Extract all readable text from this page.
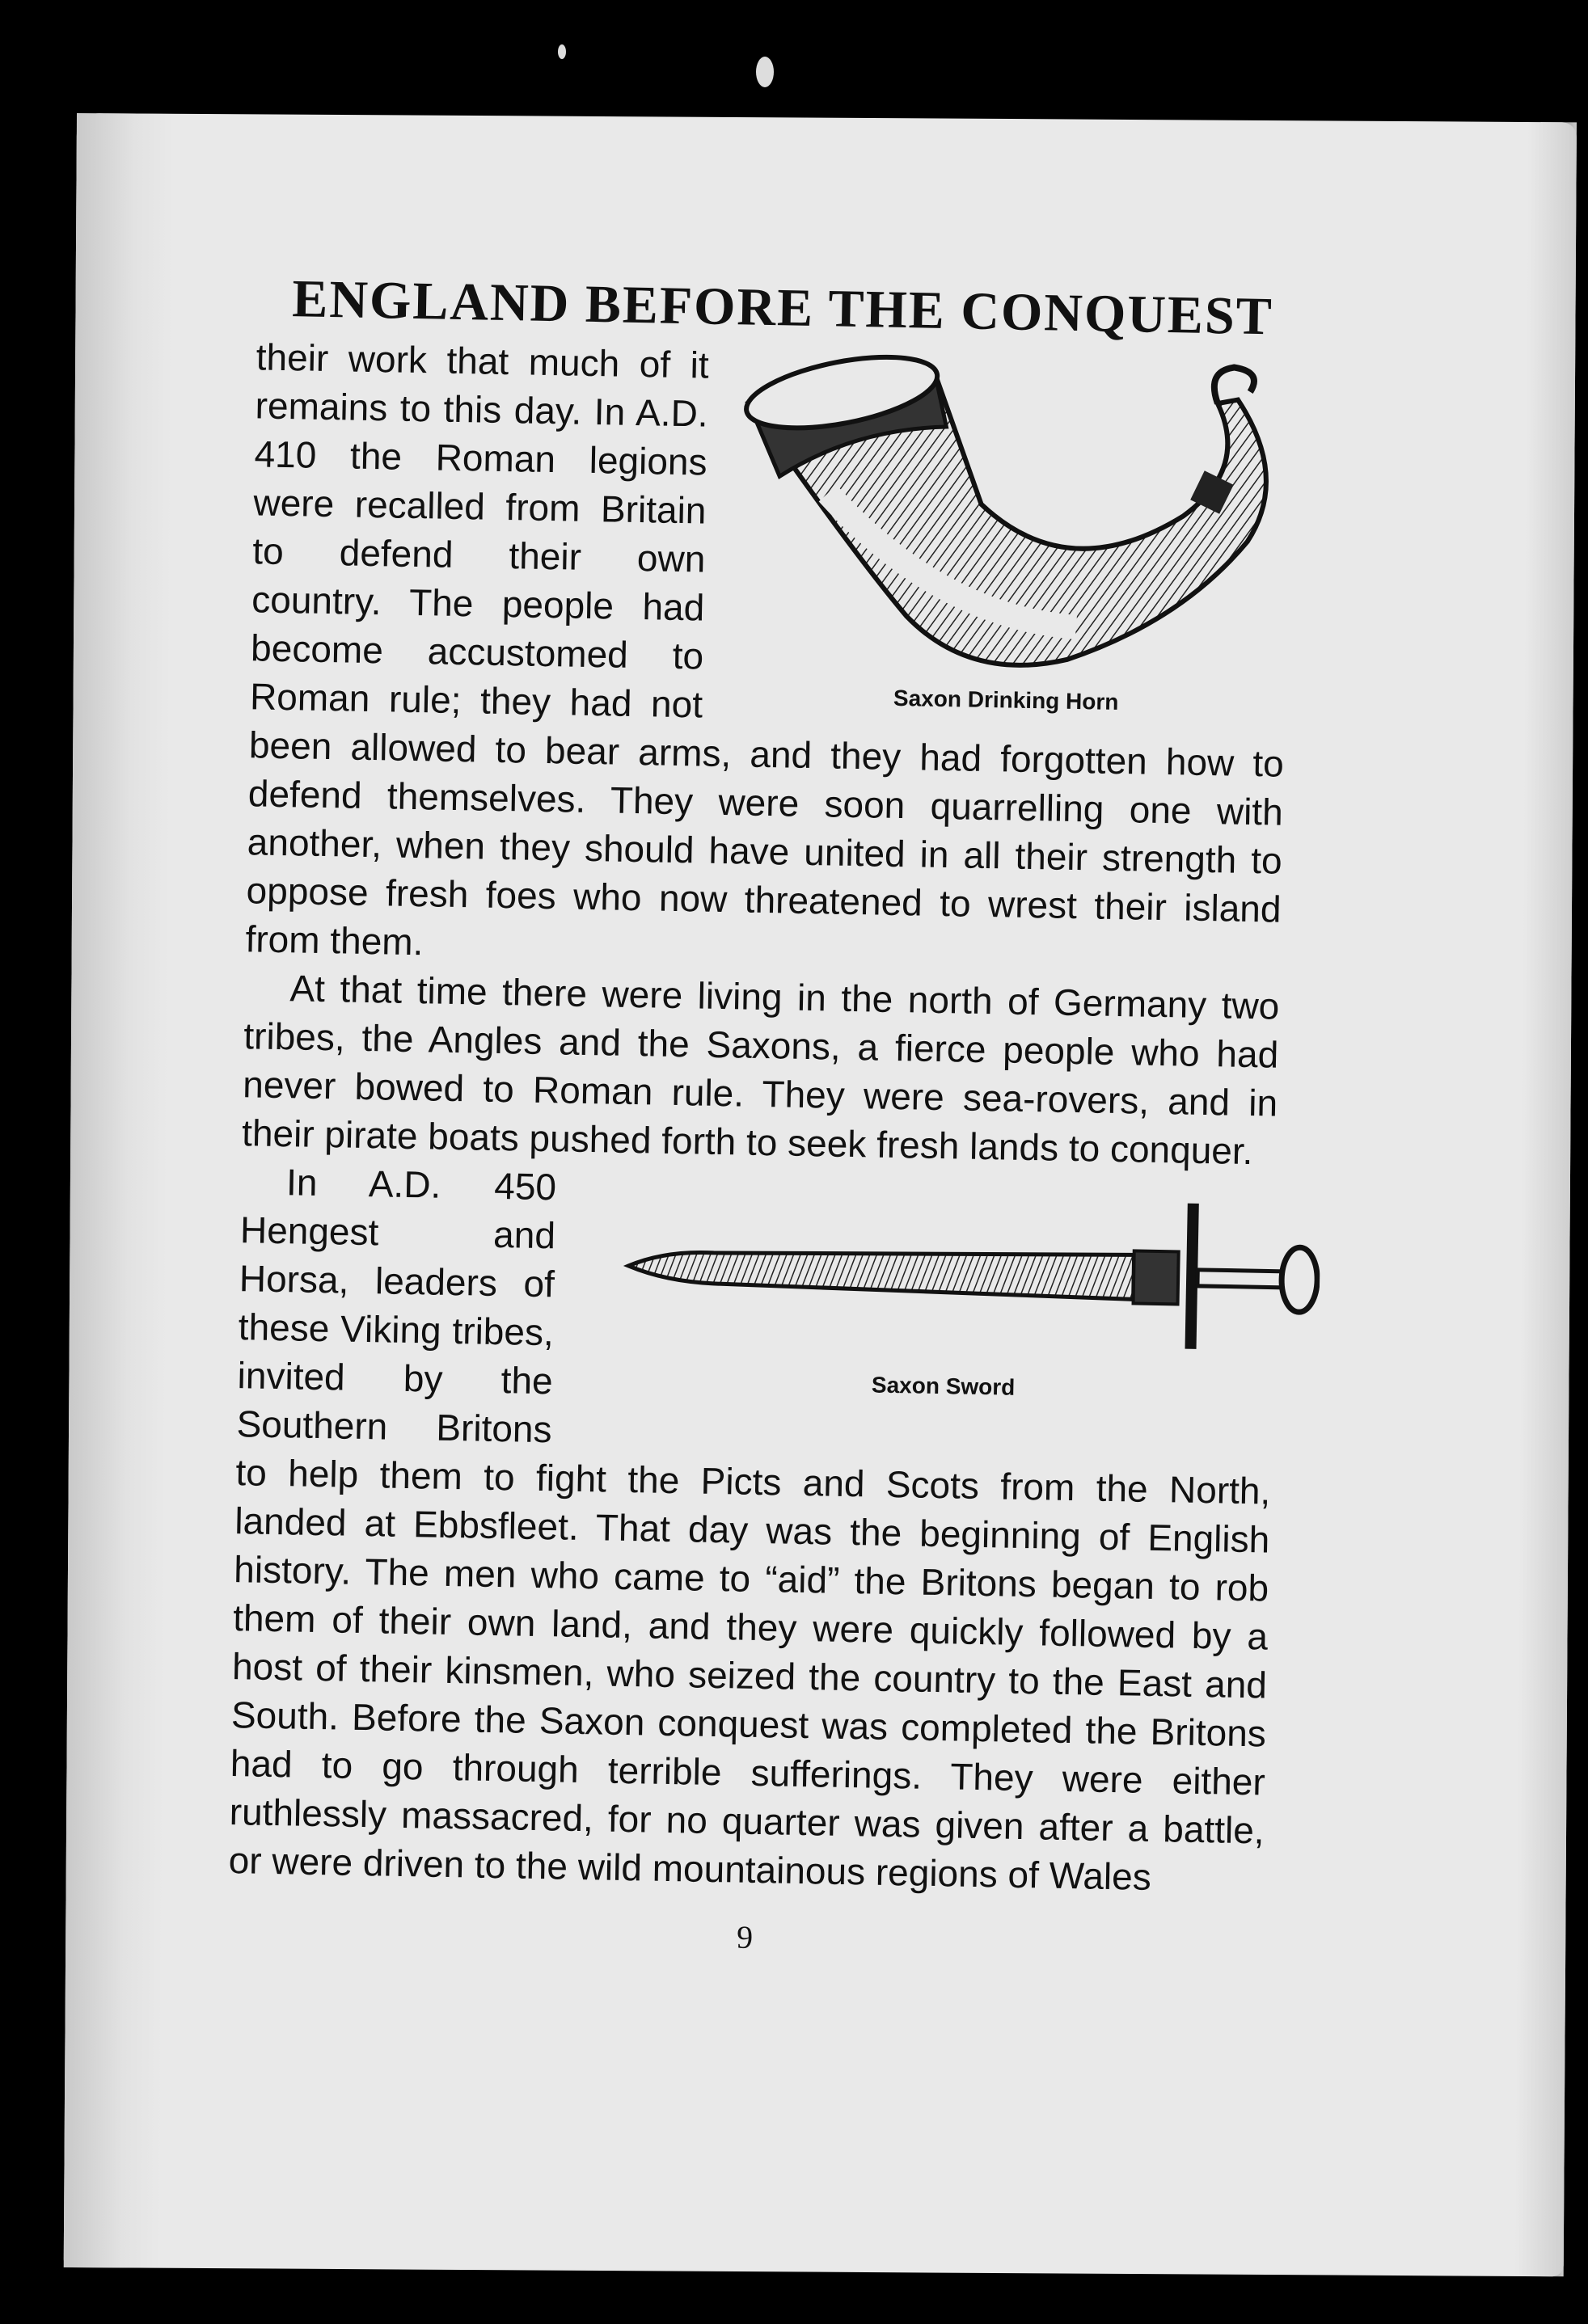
ENGLAND BEFORE THE CONQUEST

Saxon Drinking Horn
their work that much of it remains to this day. In A.D. 410 the Roman legions were recalled from Britain to defend their own country. The people had become accustomed to Roman rule; they had not been allowed to bear arms, and they had forgotten how to defend themselves. They were soon quarrelling one with another, when they should have united in all their strength to oppose fresh foes who now threatened to wrest their island from them.

At that time there were living in the north of Germany two tribes, the Angles and the Saxons, a fierce people who had never bowed to Roman rule. They were sea-rovers, and in their pirate boats pushed forth to seek fresh lands to conquer.

Saxon Sword
In A.D. 450 Hengest and Horsa, leaders of these Viking tribes, invited by the Southern Britons to help them to fight the Picts and Scots from the North, landed at Ebbsfleet. That day was the beginning of English history. The men who came to “aid” the Britons began to rob them of their own land, and they were quickly followed by a host of their kinsmen, who seized the country to the East and South. Before the Saxon conquest was completed the Britons had to go through terrible sufferings. They were either ruthlessly massacred, for no quarter was given after a battle, or were driven to the wild mountainous regions of Wales

9
